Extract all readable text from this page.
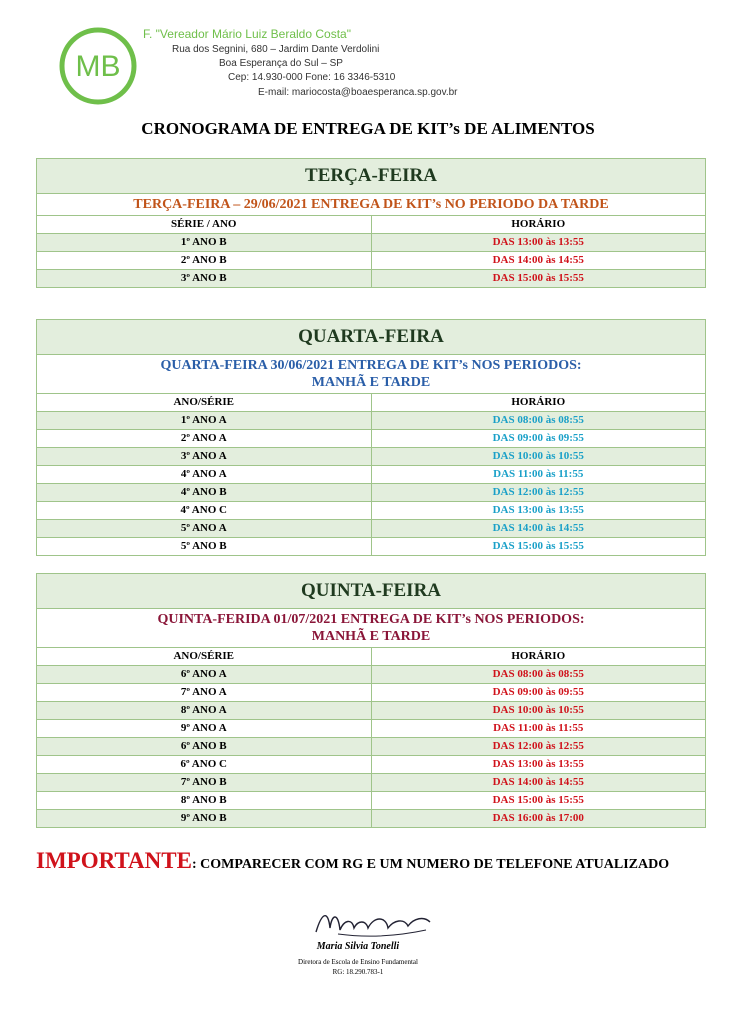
MB
F. "Vereador Mário Luiz Beraldo Costa"
Rua dos Segnini, 680 – Jardim Dante Verdolini
Boa Esperança do Sul – SP
Cep: 14.930-000 Fone: 16 3346-5310
E-mail: mariocosta@boaesperanca.sp.gov.br
CRONOGRAMA DE ENTREGA DE KIT’s DE ALIMENTOS
TERÇA-FEIRA
TERÇA-FEIRA – 29/06/2021 ENTREGA DE KIT’s NO PERIODO DA TARDE
SÉRIE / ANO	HORÁRIO
1º ANO B	DAS 13:00 às 13:55
2º ANO B	DAS 14:00 às 14:55
3º ANO B	DAS 15:00 às 15:55
QUARTA-FEIRA
QUARTA-FEIRA 30/06/2021 ENTREGA DE KIT’s NOS PERIODOS:
MANHÃ E TARDE
ANO/SÉRIE	HORÁRIO
1º ANO A	DAS 08:00 às 08:55
2º ANO A	DAS 09:00 às 09:55
3º ANO A	DAS 10:00 às 10:55
4º ANO A	DAS 11:00 às 11:55
4º ANO B	DAS 12:00 às 12:55
4º ANO C	DAS 13:00 às 13:55
5º ANO A	DAS 14:00 às 14:55
5º ANO B	DAS 15:00 às 15:55
QUINTA-FEIRA
QUINTA-FERIDA 01/07/2021 ENTREGA DE KIT’s NOS PERIODOS:
MANHÃ E TARDE
ANO/SÉRIE	HORÁRIO
6º ANO A	DAS 08:00 às 08:55
7º ANO A	DAS 09:00 às 09:55
8º ANO A	DAS 10:00 às 10:55
9º ANO A	DAS 11:00 às 11:55
6º ANO B	DAS 12:00 às 12:55
6º ANO C	DAS 13:00 às 13:55
7º ANO B	DAS 14:00 às 14:55
8º ANO B	DAS 15:00 às 15:55
9º ANO B	DAS 16:00 às 17:00
IMPORTANTE: COMPARECER COM RG E UM NUMERO DE TELEFONE ATUALIZADO
Maria Silvia Tonelli
Diretora de Escola de Ensino Fundamental
RG: 18.290.783-1
